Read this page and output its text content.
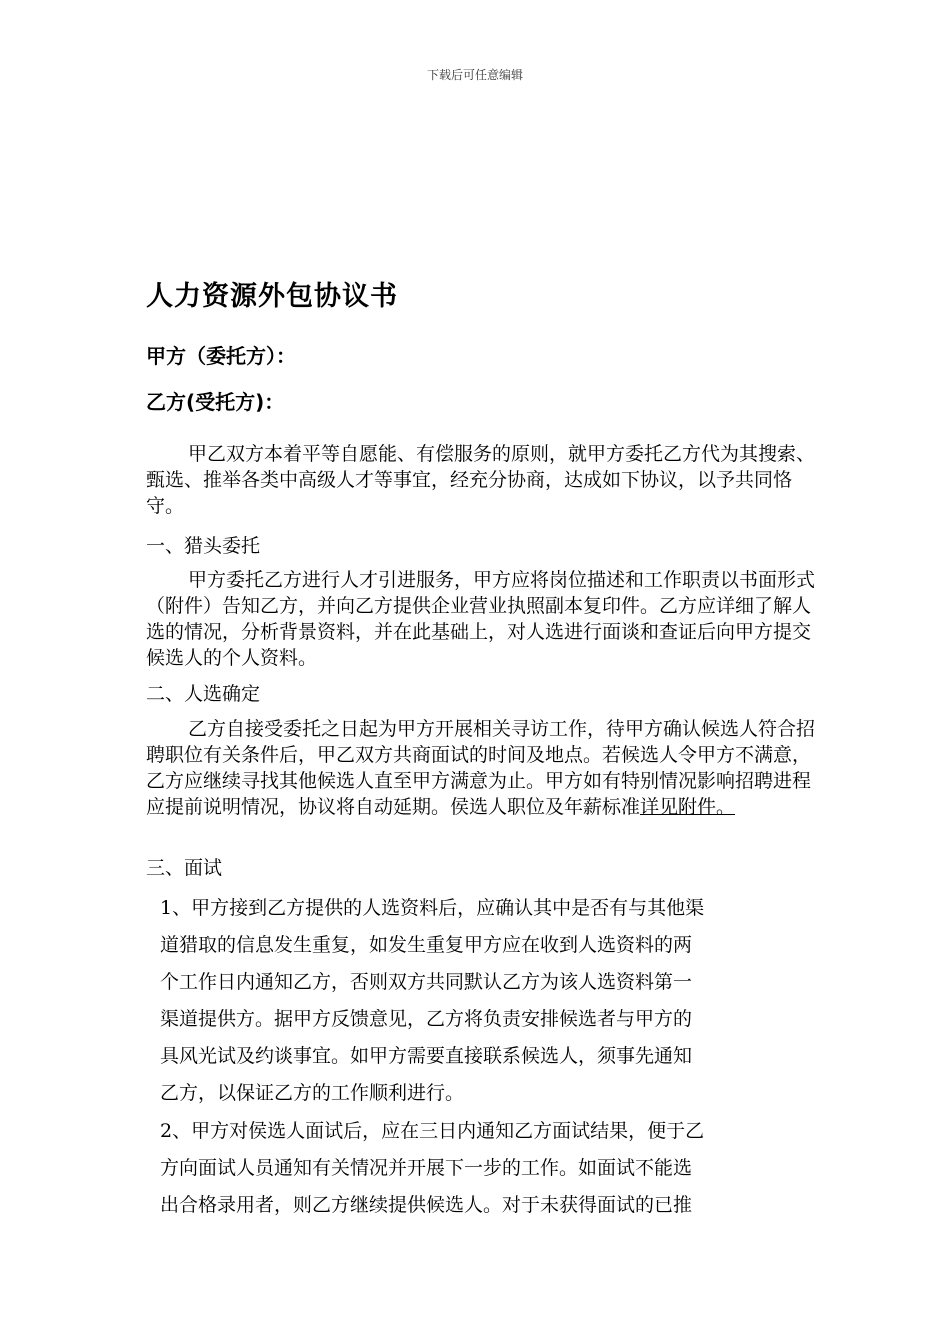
下载后可任意编辑
人力资源外包协议书
甲方（委托方）：
乙方(受托方)：

甲乙双方本着平等自愿能、有偿服务的原则，就甲方委托乙方代为其搜索、甄选、推举各类中高级人才等事宜，经充分协商，达成如下协议，以予共同恪守。

一、猎头委托

甲方委托乙方进行人才引进服务，甲方应将岗位描述和工作职责以书面形式（附件）告知乙方，并向乙方提供企业营业执照副本复印件。乙方应详细了解人选的情况，分析背景资料，并在此基础上，对人选进行面谈和查证后向甲方提交候选人的个人资料。

二、人选确定

乙方自接受委托之日起为甲方开展相关寻访工作，待甲方确认候选人符合招聘职位有关条件后，甲乙双方共商面试的时间及地点。若候选人令甲方不满意，乙方应继续寻找其他候选人直至甲方满意为止。甲方如有特别情况影响招聘进程应提前说明情况，协议将自动延期。侯选人职位及年薪标准详见附件。

三、面试
1、甲方接到乙方提供的人选资料后，应确认其中是否有与其他渠
道猎取的信息发生重复，如发生重复甲方应在收到人选资料的两
个工作日内通知乙方，否则双方共同默认乙方为该人选资料第一
渠道提供方。据甲方反馈意见，乙方将负责安排候选者与甲方的
具风光试及约谈事宜。如甲方需要直接联系候选人，须事先通知
乙方，以保证乙方的工作顺利进行。
2、甲方对侯选人面试后，应在三日内通知乙方面试结果，便于乙
方向面试人员通知有关情况并开展下一步的工作。如面试不能选
出合格录用者，则乙方继续提供候选人。对于未获得面试的已推
